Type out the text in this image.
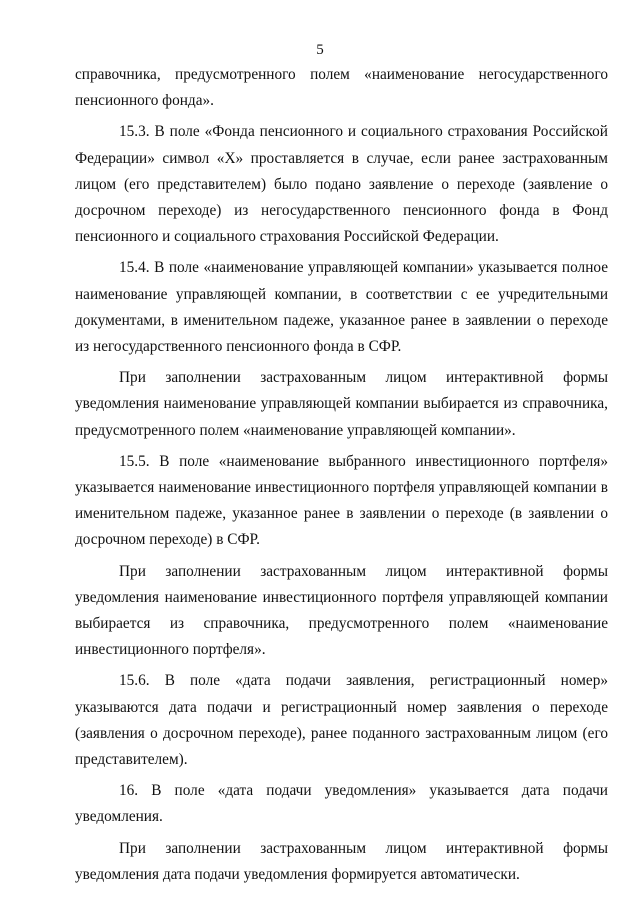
5

справочника, предусмотренного полем «наименование негосударственного пенсионного фонда».

15.3. В поле «Фонда пенсионного и социального страхования Российской Федерации» символ «Х» проставляется в случае, если ранее застрахованным лицом (его представителем) было подано заявление о переходе (заявление о досрочном переходе) из негосударственного пенсионного фонда в Фонд пенсионного и социального страхования Российской Федерации.

15.4. В поле «наименование управляющей компании» указывается полное наименование управляющей компании, в соответствии с ее учредительными документами, в именительном падеже, указанное ранее в заявлении о переходе из негосударственного пенсионного фонда в СФР.

При заполнении застрахованным лицом интерактивной формы уведомления наименование управляющей компании выбирается из справочника, предусмотренного полем «наименование управляющей компании».

15.5. В поле «наименование выбранного инвестиционного портфеля» указывается наименование инвестиционного портфеля управляющей компании в именительном падеже, указанное ранее в заявлении о переходе (в заявлении о досрочном переходе) в СФР.

При заполнении застрахованным лицом интерактивной формы уведомления наименование инвестиционного портфеля управляющей компании выбирается из справочника, предусмотренного полем «наименование инвестиционного портфеля».

15.6. В поле «дата подачи заявления, регистрационный номер» указываются дата подачи и регистрационный номер заявления о переходе (заявления о досрочном переходе), ранее поданного застрахованным лицом (его представителем).

16. В поле «дата подачи уведомления» указывается дата подачи уведомления.

При заполнении застрахованным лицом интерактивной формы уведомления дата подачи уведомления формируется автоматически.
